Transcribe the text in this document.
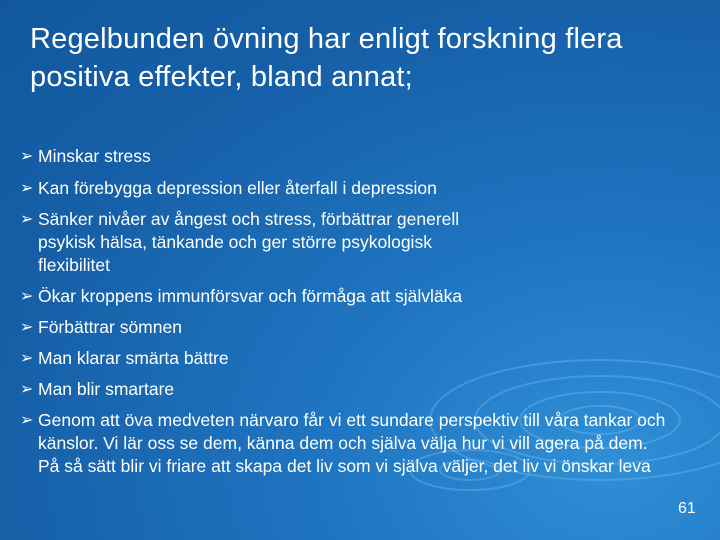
Regelbunden övning har enligt forskning flera positiva effekter, bland annat;
➢ Minskar stress
➢ Kan förebygga depression eller återfall i depression
➢ Sänker nivåer av ångest och stress, förbättrar generell psykisk hälsa, tänkande och ger större psykologisk flexibilitet
➢ Ökar kroppens immunförsvar och förmåga att självläka
➢ Förbättrar sömnen
➢ Man klarar smärta bättre
➢ Man blir smartare
➢ Genom att öva medveten närvaro får vi ett sundare perspektiv till våra tankar och känslor. Vi lär oss se dem, känna dem och själva välja hur vi vill agera på dem. På så sätt blir vi friare att skapa det liv som vi själva väljer, det liv vi önskar leva
61
